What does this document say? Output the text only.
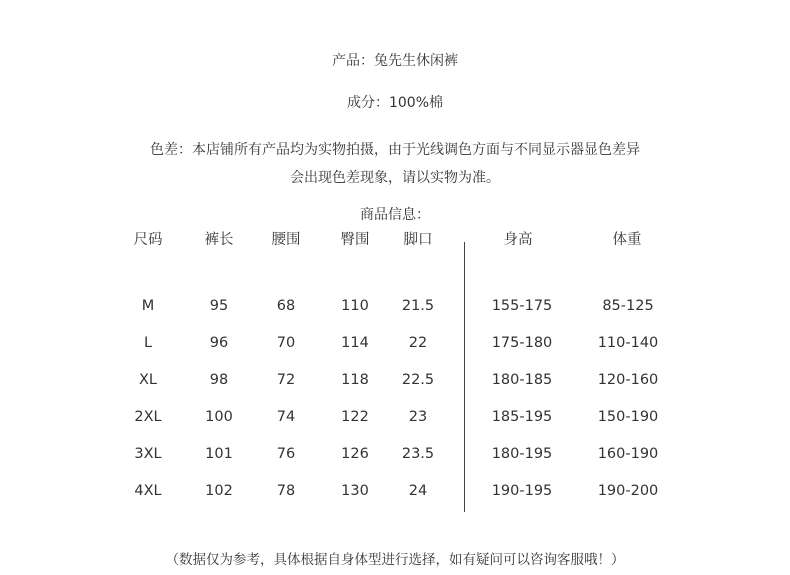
产品：兔先生休闲裤
成分：100%棉
色差：本店铺所有产品均为实物拍摄，由于光线调色方面与不同显示器显色差异
会出现色差现象，请以实物为准。
商品信息：
尺码	裤长	腰围	臀围	脚口	身高	体重
M	95	68	110	21.5	155-175	85-125
L	96	70	114	22	175-180	110-140
XL	98	72	118	22.5	180-185	120-160
2XL	100	74	122	23	185-195	150-190
3XL	101	76	126	23.5	180-195	160-190
4XL	102	78	130	24	190-195	190-200
（数据仅为参考，具体根据自身体型进行选择，如有疑问可以咨询客服哦！）
